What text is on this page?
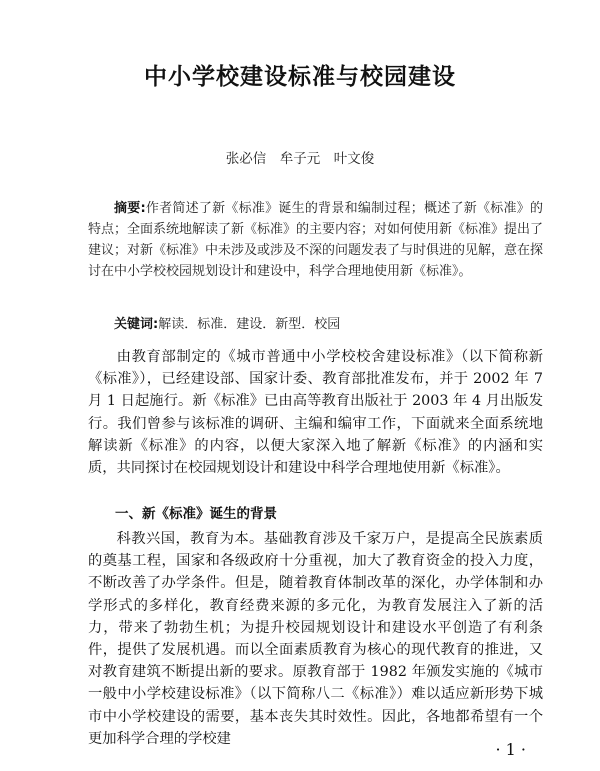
中小学校建设标准与校园建设
张必信　牟子元　叶文俊
摘要:作者简述了新《标准》诞生的背景和编制过程；概述了新《标准》的特点；全面系统地解读了新《标准》的主要内容；对如何使用新《标准》提出了建议；对新《标准》中未涉及或涉及不深的问题发表了与时俱进的见解，意在探讨在中小学校校园规划设计和建设中，科学合理地使用新《标准》。
关键词:解读．标准．建设．新型．校园
由教育部制定的《城市普通中小学校校舍建设标准》（以下简称新《标准》），已经建设部、国家计委、教育部批准发布，并于 2002 年 7 月 1 日起施行。新《标准》已由高等教育出版社于 2003 年 4 月出版发行。我们曾参与该标准的调研、主编和编审工作，下面就来全面系统地解读新《标准》的内容，以便大家深入地了解新《标准》的内涵和实质，共同探讨在校园规划设计和建设中科学合理地使用新《标准》。
一、新《标准》诞生的背景
科教兴国，教育为本。基础教育涉及千家万户，是提高全民族素质的奠基工程，国家和各级政府十分重视，加大了教育资金的投入力度，不断改善了办学条件。但是，随着教育体制改革的深化，办学体制和办学形式的多样化，教育经费来源的多元化，为教育发展注入了新的活力，带来了勃勃生机；为提升校园规划设计和建设水平创造了有利条件，提供了发展机遇。而以全面素质教育为核心的现代教育的推进，又对教育建筑不断提出新的要求。原教育部于 1982 年颁发实施的《城市一般中小学校建设标准》（以下简称八二《标准》）难以适应新形势下城市中小学校建设的需要，基本丧失其时效性。因此，各地都希望有一个更加科学合理的学校建
· 1 ·
